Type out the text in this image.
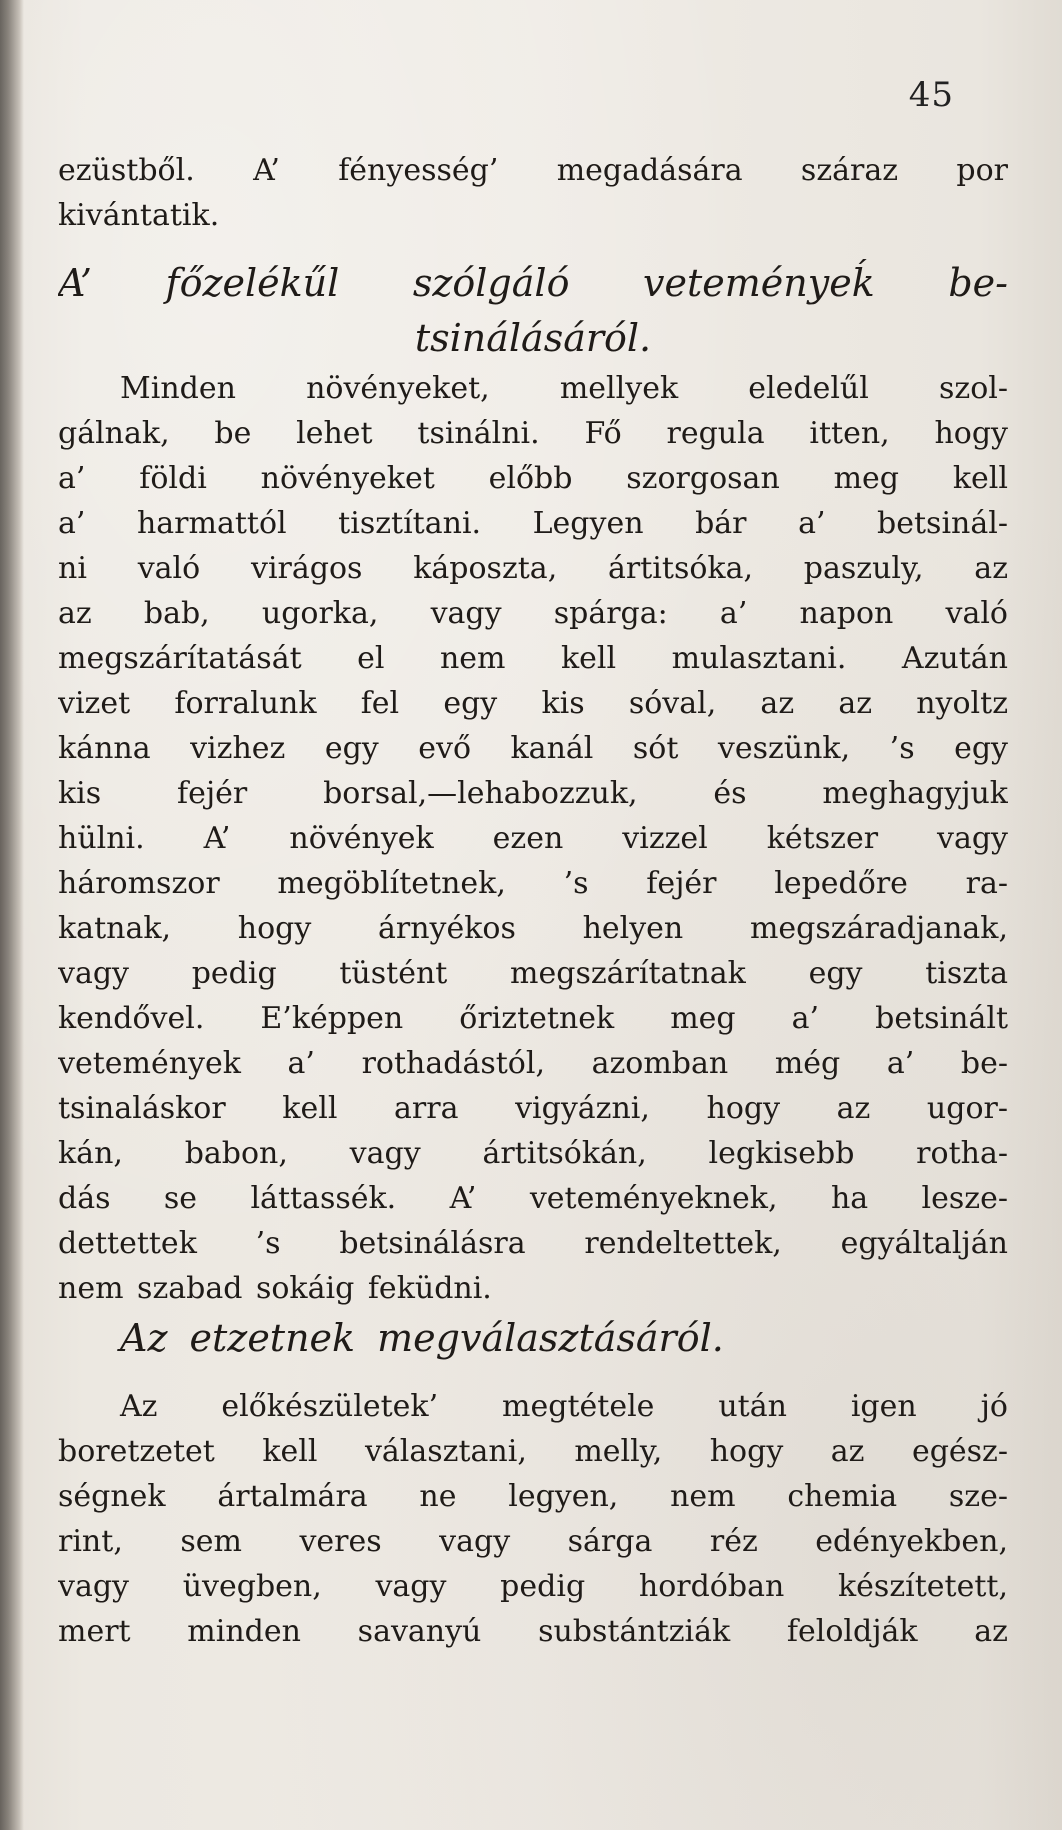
45

ezüstből. A’ fényesség’ megadására száraz por
kivántatik.
A’ főzelékűl szólgáló veteményeḱ be-
tsinálásáról.
Minden növényeket, mellyek eledelűl szol-
gálnak, be lehet tsinálni. Fő regula itten, hogy
a’ földi növényeket előbb szorgosan meg kell
a’ harmattól tisztítani. Legyen bár a’ betsinál-
ni való virágos káposzta, ártitsóka, paszuly, az
az bab, ugorka, vagy spárga: a’ napon való
megszárítatását el nem kell mulasztani. Azután
vizet forralunk fel egy kis sóval, az az nyoltz
kánna vizhez egy evő kanál sót veszünk, ’s egy
kis fejér borsal,—lehabozzuk, és meghagyjuk
hülni. A’ növények ezen vizzel kétszer vagy
háromszor megöblítetnek, ’s fejér lepedőre ra-
katnak, hogy árnyékos helyen megszáradjanak,
vagy pedig tüstént megszárítatnak egy tiszta
kendővel. E’képpen őriztetnek meg a’ betsinált
vetemények a’ rothadástól, azomban még a’ be-
tsinaláskor kell arra vigyázni, hogy az ugor-
kán, babon, vagy ártitsókán, legkisebb rotha-
dás se láttassék. A’ veteményeknek, ha lesze-
dettettek ’s betsinálásra rendeltettek, egyáltalján
nem szabad sokáig feküdni.
Az etzetnek megválasztásáról.
Az előkészületek’ megtétele után igen jó
boretzetet kell választani, melly, hogy az egész-
ségnek ártalmára ne legyen, nem chemia sze-
rint, sem veres vagy sárga réz edényekben,
vagy üvegben, vagy pedig hordóban készítetett,
mert minden savanyú substántziák feloldják az
